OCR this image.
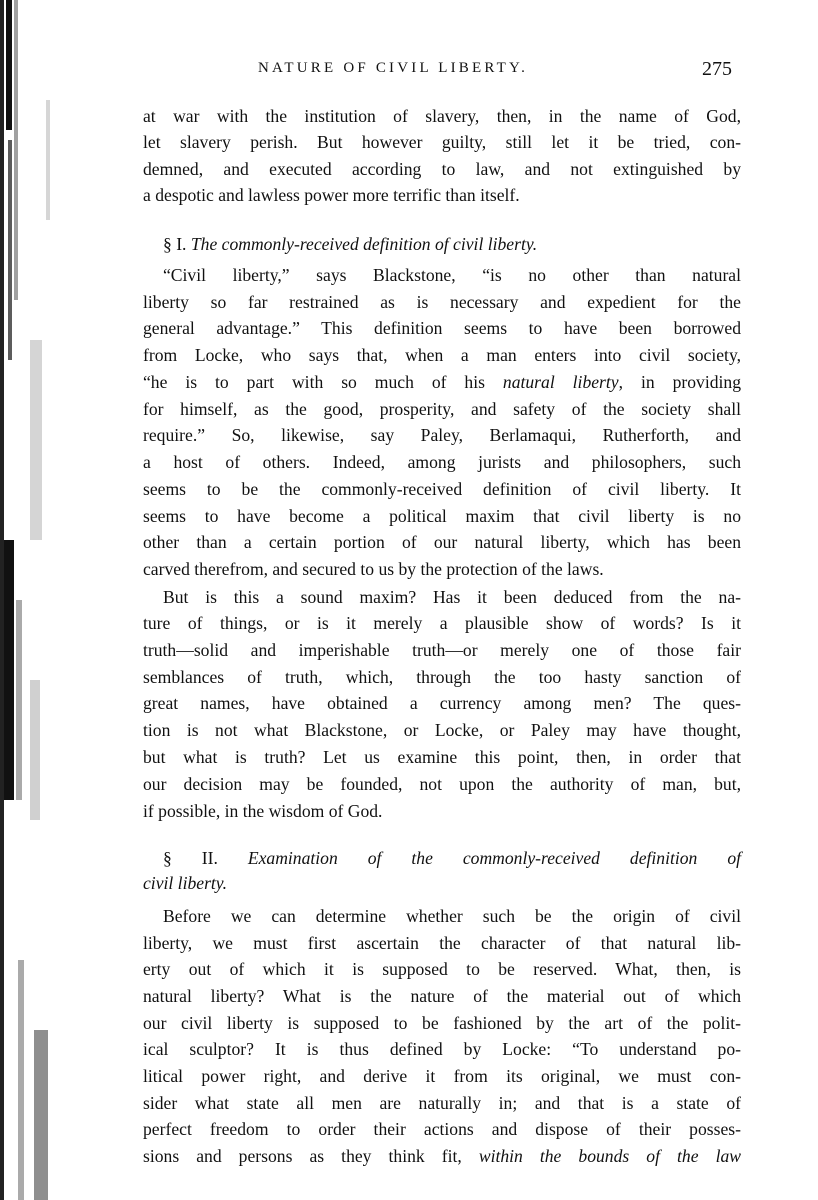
NATURE OF CIVIL LIBERTY.	275
at war with the institution of slavery, then, in the name of God,
let slavery perish. But however guilty, still let it be tried, con-
demned, and executed according to law, and not extinguished by
a despotic and lawless power more terrific than itself.
§ I. The commonly-received definition of civil liberty.
“Civil liberty,” says Blackstone, “is no other than natural
liberty so far restrained as is necessary and expedient for the
general advantage.” This definition seems to have been borrowed
from Locke, who says that, when a man enters into civil society,
“he is to part with so much of his natural liberty, in providing
for himself, as the good, prosperity, and safety of the society shall
require.” So, likewise, say Paley, Berlamaqui, Rutherforth, and
a host of others. Indeed, among jurists and philosophers, such
seems to be the commonly-received definition of civil liberty. It
seems to have become a political maxim that civil liberty is no
other than a certain portion of our natural liberty, which has been
carved therefrom, and secured to us by the protection of the laws.
But is this a sound maxim? Has it been deduced from the na-
ture of things, or is it merely a plausible show of words? Is it
truth—solid and imperishable truth—or merely one of those fair
semblances of truth, which, through the too hasty sanction of
great names, have obtained a currency among men? The ques-
tion is not what Blackstone, or Locke, or Paley may have thought,
but what is truth? Let us examine this point, then, in order that
our decision may be founded, not upon the authority of man, but,
if possible, in the wisdom of God.
§ II. Examination of the commonly-received definition of
civil liberty.
Before we can determine whether such be the origin of civil
liberty, we must first ascertain the character of that natural lib-
erty out of which it is supposed to be reserved. What, then, is
natural liberty? What is the nature of the material out of which
our civil liberty is supposed to be fashioned by the art of the polit-
ical sculptor? It is thus defined by Locke: “To understand po-
litical power right, and derive it from its original, we must con-
sider what state all men are naturally in; and that is a state of
perfect freedom to order their actions and dispose of their posses-
sions and persons as they think fit, within the bounds of the law
